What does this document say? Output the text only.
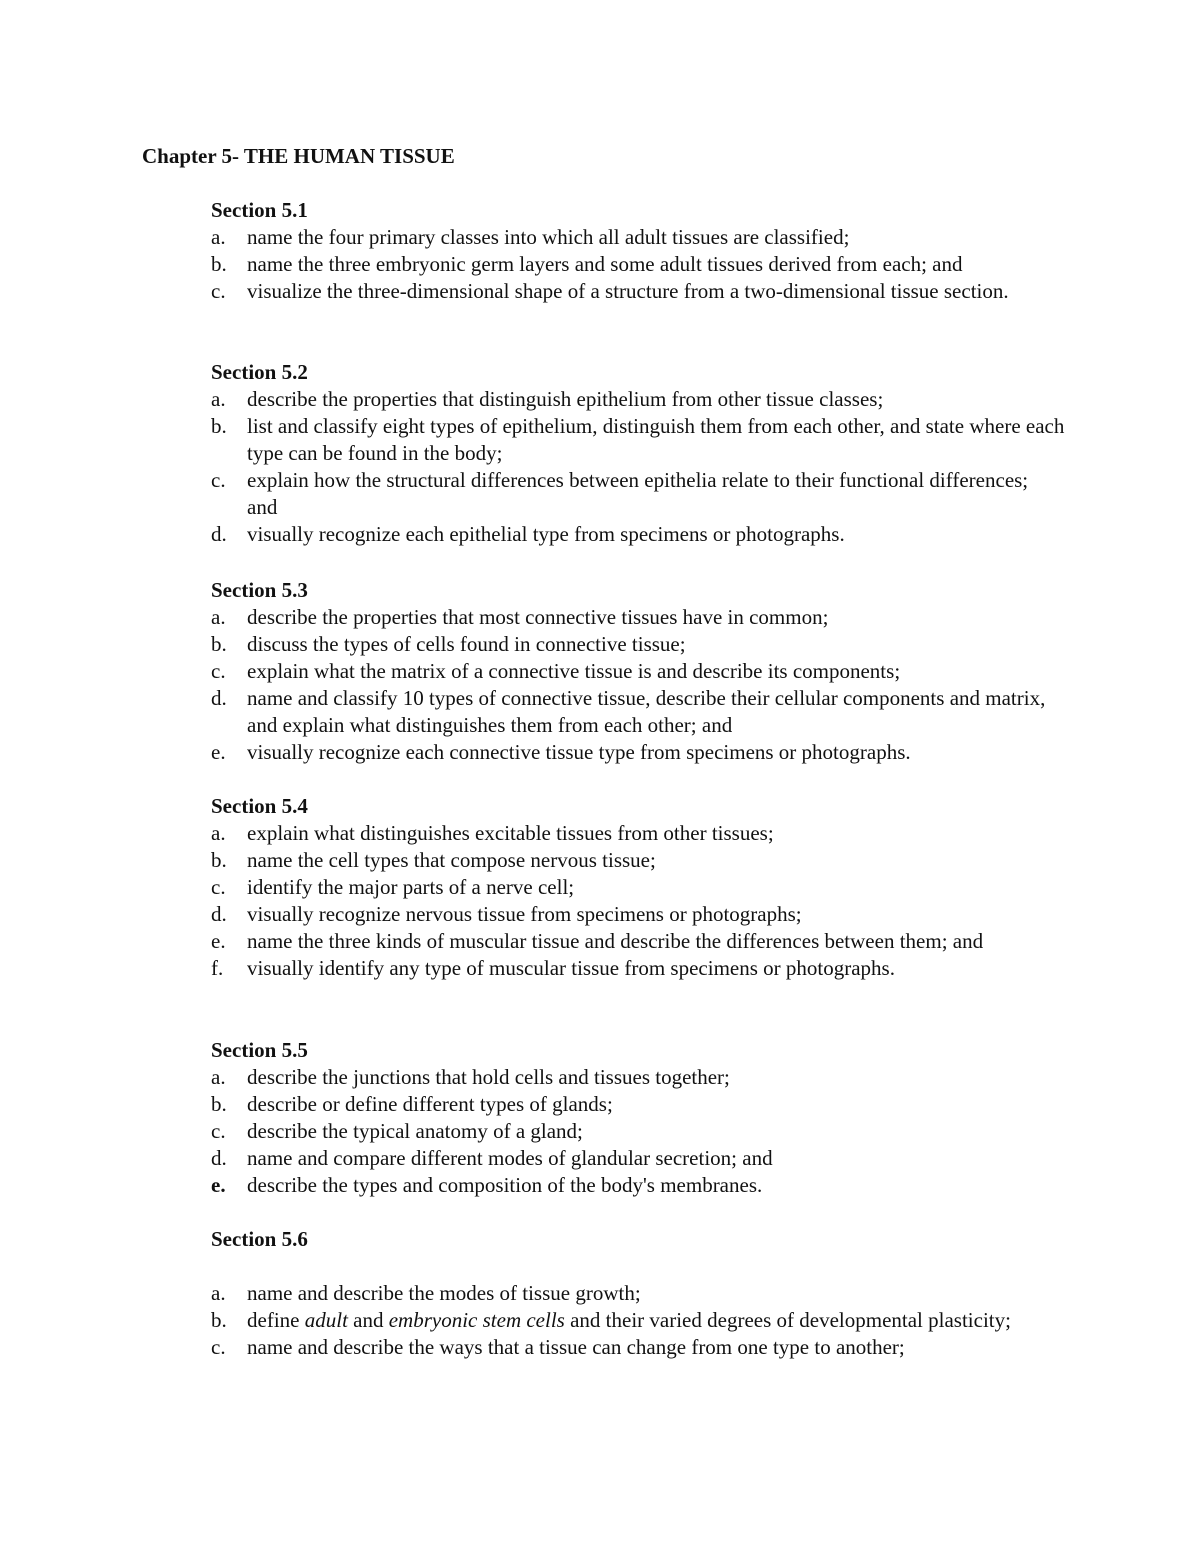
Chapter 5- THE HUMAN TISSUE
Section 5.1
a.	name the four primary classes into which all adult tissues are classified;
b. name the three embryonic germ layers and some adult tissues derived from each; and
c.	visualize the three-dimensional shape of a structure from a two-dimensional tissue section.
Section 5.2
a.	describe the properties that distinguish epithelium from other tissue classes;
b. list and classify eight types of epithelium, distinguish them from each other, and state where each type can be found in the body;
c.	explain how the structural differences between epithelia relate to their functional differences; and
d. visually recognize each epithelial type from specimens or photographs.
Section 5.3
a.	describe the properties that most connective tissues have in common;
b. discuss the types of cells found in connective tissue;
c.	explain what the matrix of a connective tissue is and describe its components;
d. name and classify 10 types of connective tissue, describe their cellular components and matrix, and explain what distinguishes them from each other; and
e.	visually recognize each connective tissue type from specimens or photographs.
Section 5.4
a.	explain what distinguishes excitable tissues from other tissues;
b. name the cell types that compose nervous tissue;
c.	identify the major parts of a nerve cell;
d. visually recognize nervous tissue from specimens or photographs;
e.	name the three kinds of muscular tissue and describe the differences between them; and
f.	visually identify any type of muscular tissue from specimens or photographs.
Section 5.5
a.	describe the junctions that hold cells and tissues together;
b. describe or define different types of glands;
c.	describe the typical anatomy of a gland;
d. name and compare different modes of glandular secretion; and
e.	describe the types and composition of the body's membranes.
Section 5.6
a.	name and describe the modes of tissue growth;
b. define adult and embryonic stem cells and their varied degrees of developmental plasticity;
c.	name and describe the ways that a tissue can change from one type to another;
